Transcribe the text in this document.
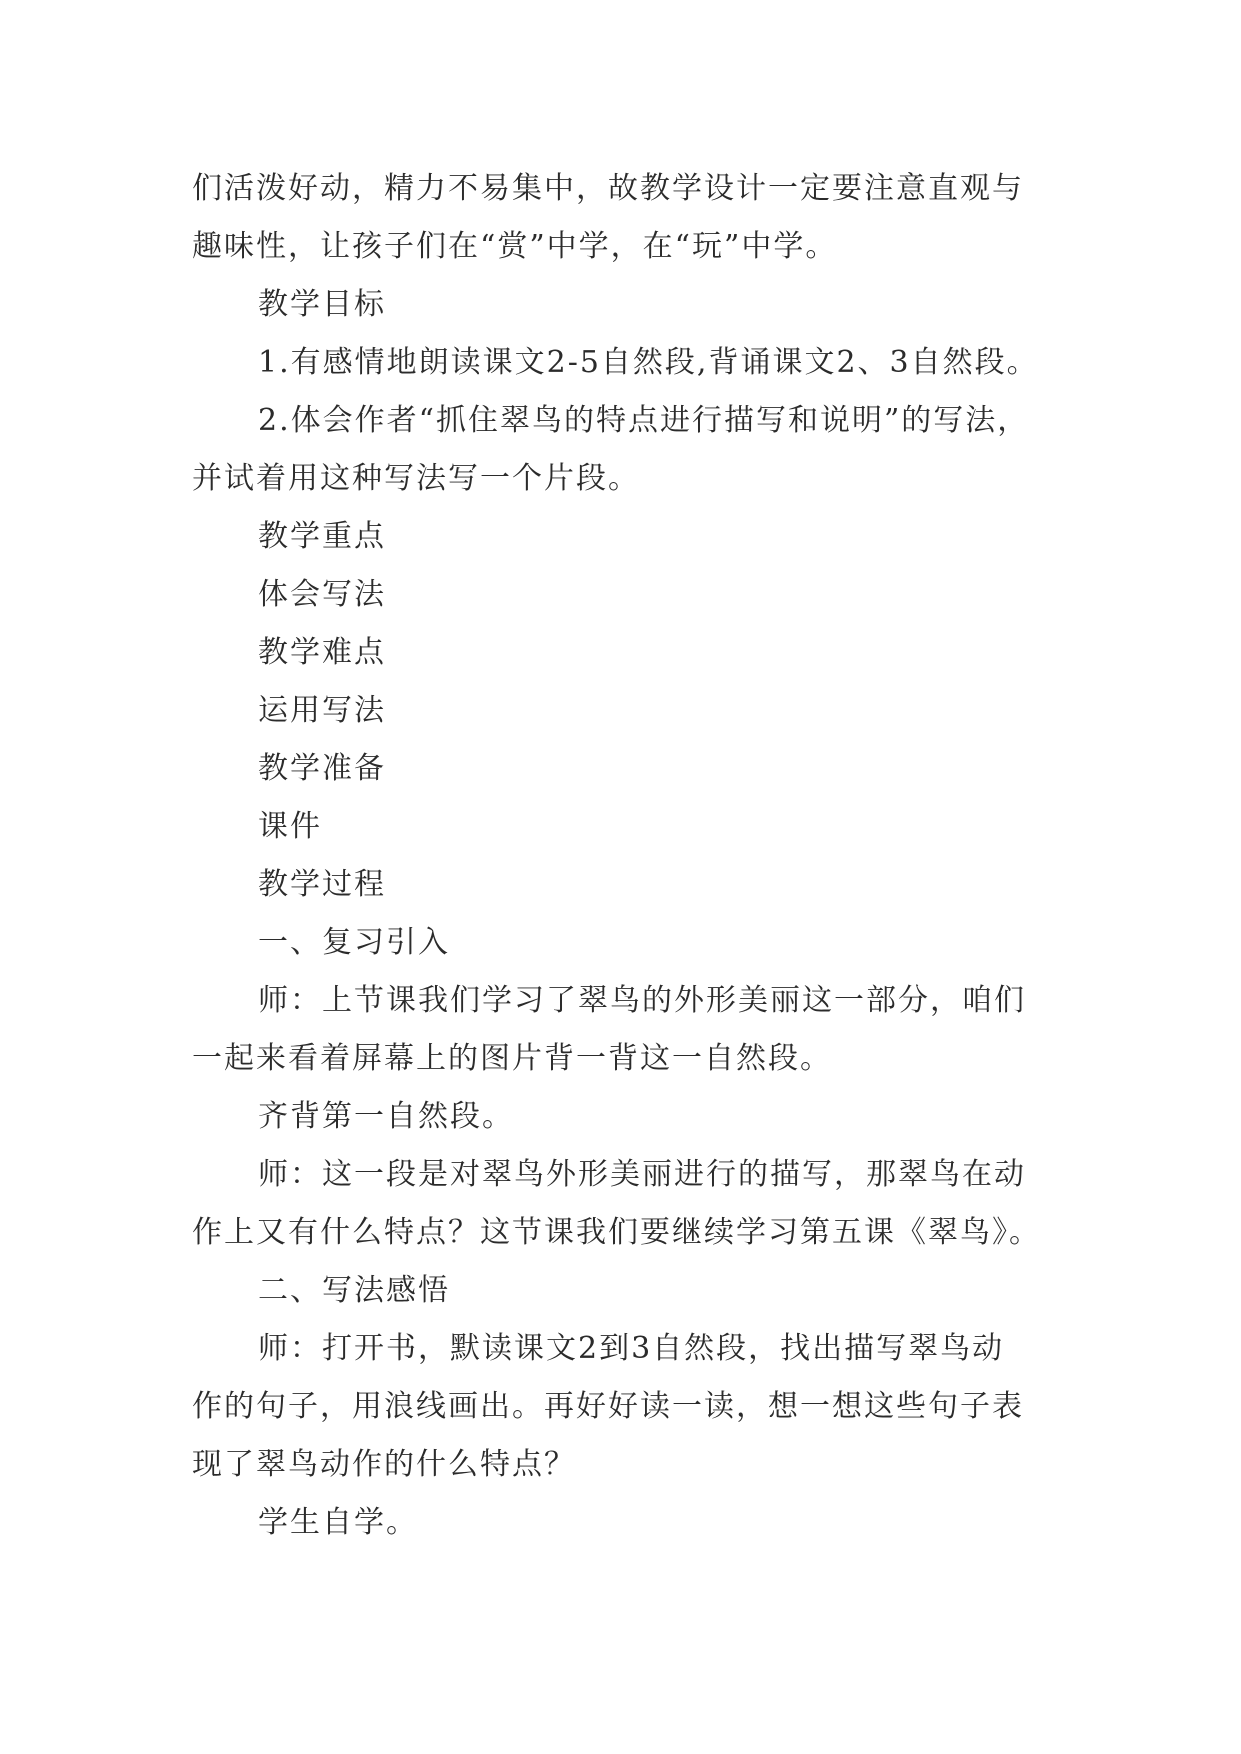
们活泼好动，精力不易集中，故教学设计一定要注意直观与

趣味性，让孩子们在“赏”中学，在“玩”中学。

教学目标

1.有感情地朗读课文2-5自然段,背诵课文2、3自然段。

2.体会作者“抓住翠鸟的特点进行描写和说明”的写法，

并试着用这种写法写一个片段。

教学重点

体会写法

教学难点

运用写法

教学准备

课件

教学过程

一、复习引入

师：上节课我们学习了翠鸟的外形美丽这一部分，咱们

一起来看着屏幕上的图片背一背这一自然段。

齐背第一自然段。

师：这一段是对翠鸟外形美丽进行的描写，那翠鸟在动

作上又有什么特点？这节课我们要继续学习第五课《翠鸟》。

二、写法感悟

师：打开书，默读课文2到3自然段，找出描写翠鸟动

作的句子，用浪线画出。再好好读一读，想一想这些句子表

现了翠鸟动作的什么特点？

学生自学。
